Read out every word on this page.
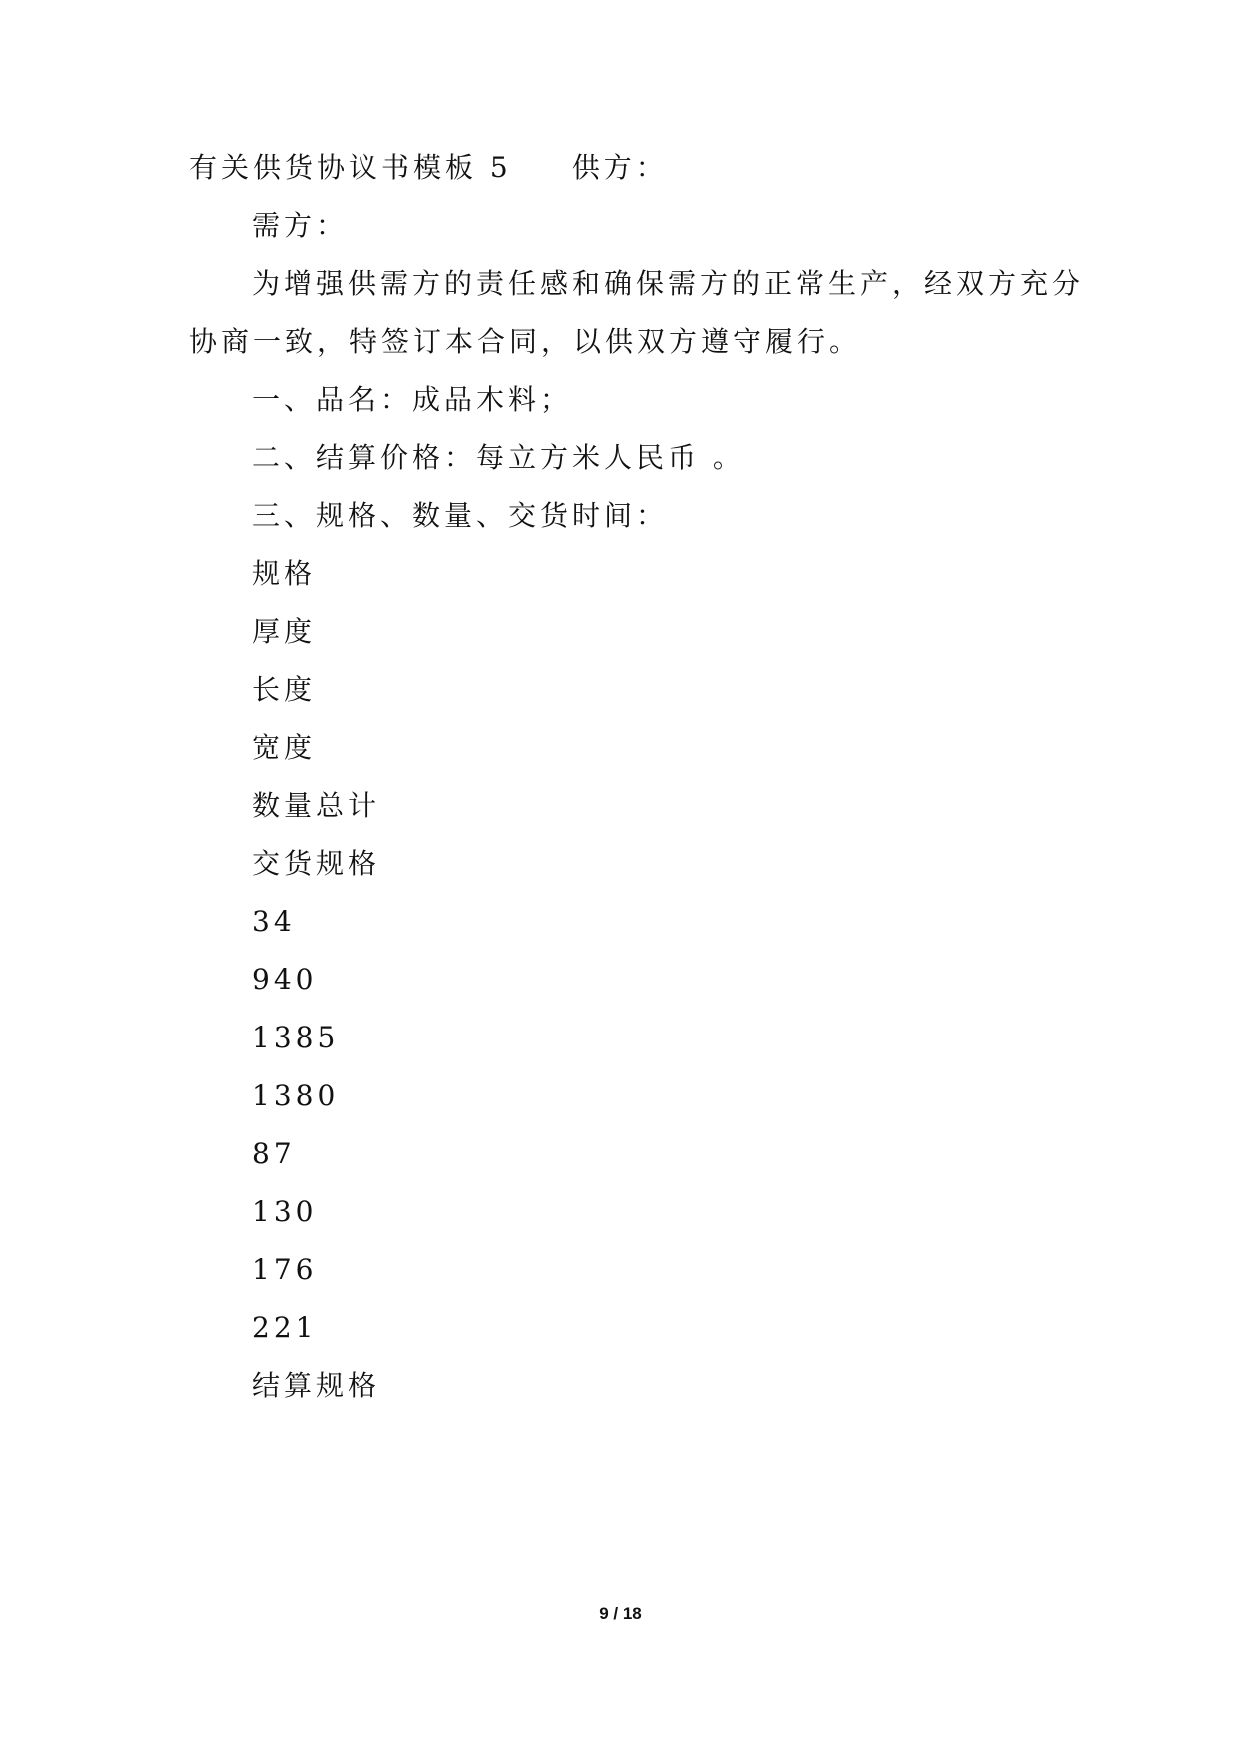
有关供货协议书模板 5 供方：
需方：
为增强供需方的责任感和确保需方的正常生产，经双方充分
协商一致，特签订本合同，以供双方遵守履行。
一、品名：成品木料；
二、结算价格：每立方米人民币 。
三、规格、数量、交货时间：
规格
厚度
长度
宽度
数量总计
交货规格
34
940
1385
1380
87
130
176
221
结算规格
9 / 18
